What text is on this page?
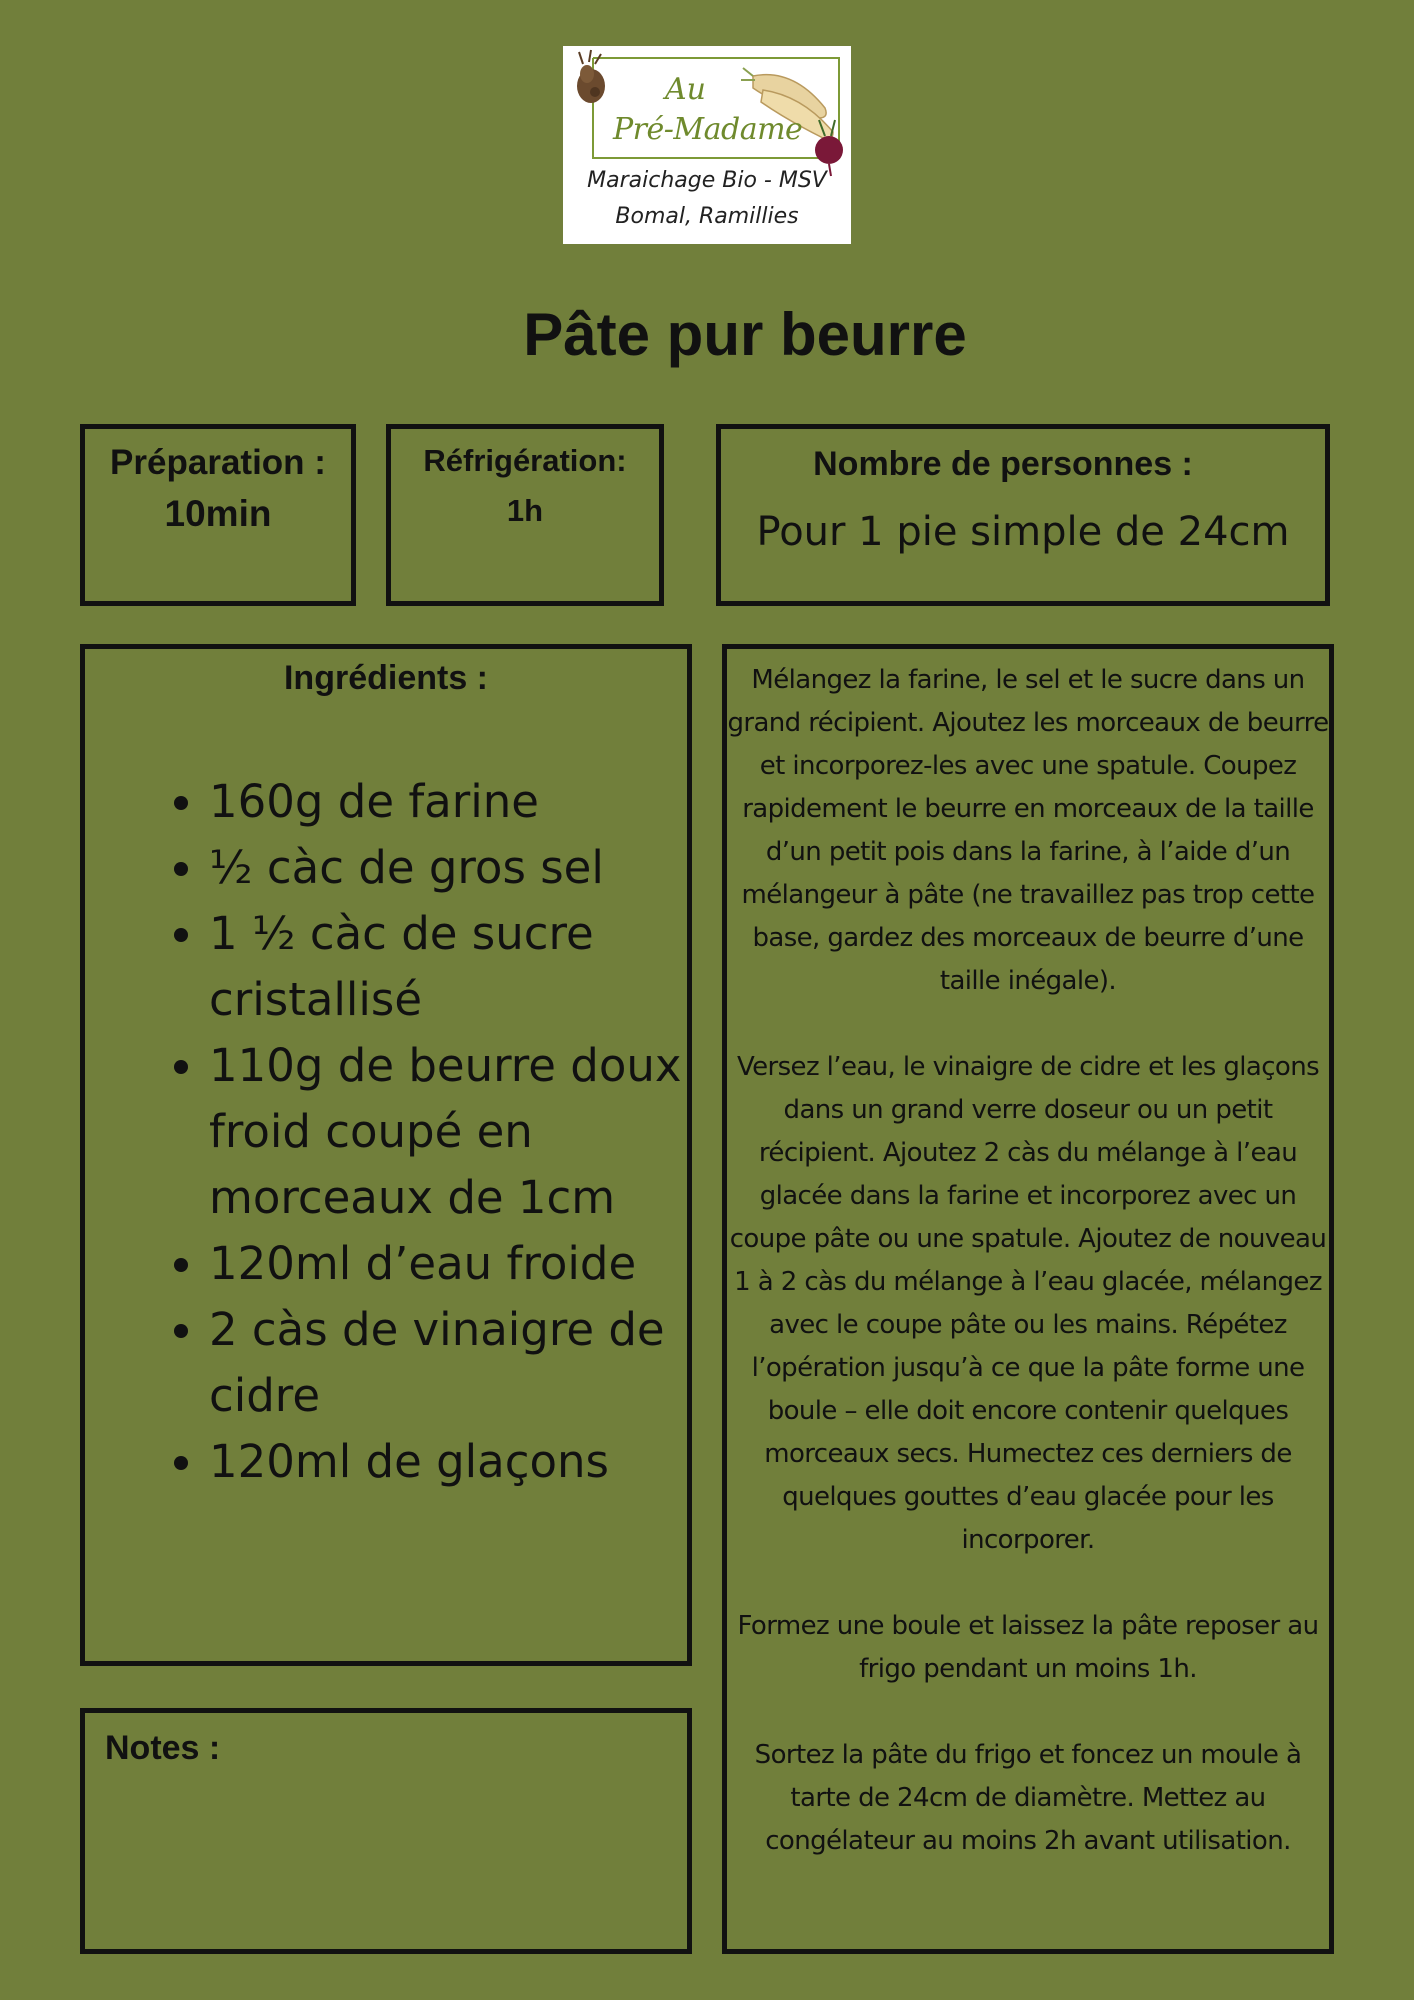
Au
Pré-Madame
Maraichage Bio - MSV
Bomal, Ramillies
Pâte pur beurre
Préparation :
10min
Réfrigération:
1h
Nombre de personnes :
Pour 1 pie simple de 24cm
Ingrédients :
• 160g de farine
• ½ càc de gros sel
• 1 ½ càc de sucre cristallisé
• 110g de beurre doux froid coupé en morceaux de 1cm
• 120ml d’eau froide
• 2 càs de vinaigre de cidre
• 120ml de glaçons
Notes :

Mélangez la farine, le sel et le sucre dans un grand récipient. Ajoutez les morceaux de beurre et incorporez-les avec une spatule. Coupez rapidement le beurre en morceaux de la taille d’un petit pois dans la farine, à l’aide d’un mélangeur à pâte (ne travaillez pas trop cette base, gardez des morceaux de beurre d’une taille inégale).

Versez l’eau, le vinaigre de cidre et les glaçons dans un grand verre doseur ou un petit récipient. Ajoutez 2 càs du mélange à l’eau glacée dans la farine et incorporez avec un coupe pâte ou une spatule. Ajoutez de nouveau 1 à 2 càs du mélange à l’eau glacée, mélangez avec le coupe pâte ou les mains. Répétez l’opération jusqu’à ce que la pâte forme une boule – elle doit encore contenir quelques morceaux secs. Humectez ces derniers de quelques gouttes d’eau glacée pour les incorporer.

Formez une boule et laissez la pâte reposer au frigo pendant un moins 1h.

Sortez la pâte du frigo et foncez un moule à tarte de 24cm de diamètre. Mettez au congélateur au moins 2h avant utilisation.
